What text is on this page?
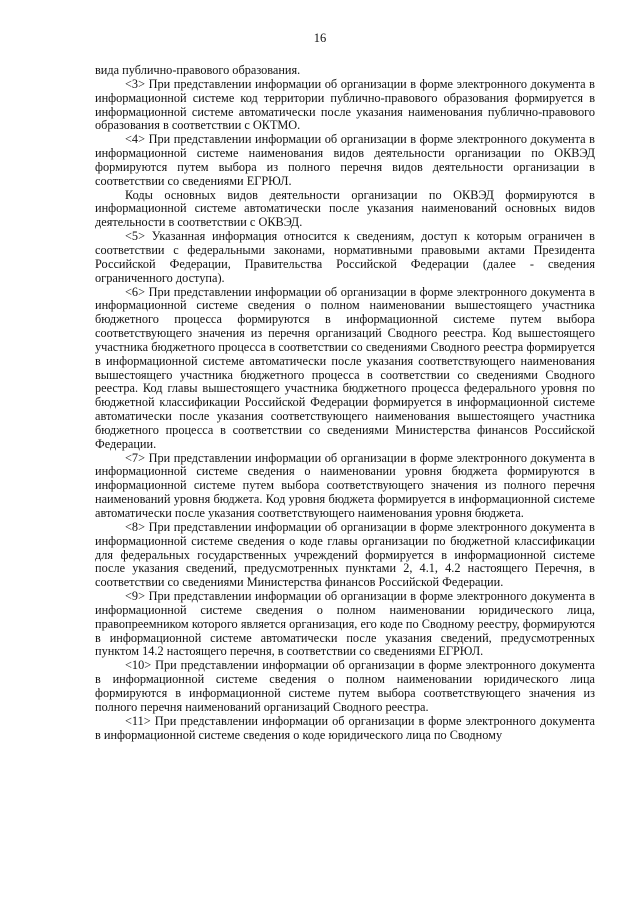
16

вида публично-правового образования.

<3> При представлении информации об организации в форме электронного документа в информационной системе код территории публично-правового образования формируется в информационной системе автоматически после указания наименования публично-правового образования в соответствии с ОКТМО.

<4> При представлении информации об организации в форме электронного документа в информационной системе наименования видов деятельности организации по ОКВЭД формируются путем выбора из полного перечня видов деятельности организации в соответствии со сведениями ЕГРЮЛ.

Коды основных видов деятельности организации по ОКВЭД формируются в информационной системе автоматически после указания наименований основных видов деятельности в соответствии с ОКВЭД.

<5> Указанная информация относится к сведениям, доступ к которым ограничен в соответствии с федеральными законами, нормативными правовыми актами Президента Российской Федерации, Правительства Российской Федерации (далее - сведения ограниченного доступа).

<6> При представлении информации об организации в форме электронного документа в информационной системе сведения о полном наименовании вышестоящего участника бюджетного процесса формируются в информационной системе путем выбора соответствующего значения из перечня организаций Сводного реестра. Код вышестоящего участника бюджетного процесса в соответствии со сведениями Сводного реестра формируется в информационной системе автоматически после указания соответствующего наименования вышестоящего участника бюджетного процесса в соответствии со сведениями Сводного реестра. Код главы вышестоящего участника бюджетного процесса федерального уровня по бюджетной классификации Российской Федерации формируется в информационной системе автоматически после указания соответствующего наименования вышестоящего участника бюджетного процесса в соответствии со сведениями Министерства финансов Российской Федерации.

<7> При представлении информации об организации в форме электронного документа в информационной системе сведения о наименовании уровня бюджета формируются в информационной системе путем выбора соответствующего значения из полного перечня наименований уровня бюджета. Код уровня бюджета формируется в информационной системе автоматически после указания соответствующего наименования уровня бюджета.

<8> При представлении информации об организации в форме электронного документа в информационной системе сведения о коде главы организации по бюджетной классификации для федеральных государственных учреждений формируется в информационной системе после указания сведений, предусмотренных пунктами 2, 4.1, 4.2 настоящего Перечня, в соответствии со сведениями Министерства финансов Российской Федерации.

<9> При представлении информации об организации в форме электронного документа в информационной системе сведения о полном наименовании юридического лица, правопреемником которого является организация, его коде по Сводному реестру, формируются в информационной системе автоматически после указания сведений, предусмотренных пунктом 14.2 настоящего перечня, в соответствии со сведениями ЕГРЮЛ.

<10> При представлении информации об организации в форме электронного документа в информационной системе сведения о полном наименовании юридического лица формируются в информационной системе путем выбора соответствующего значения из полного перечня наименований организаций Сводного реестра.

<11> При представлении информации об организации в форме электронного документа в информационной системе сведения о коде юридического лица по Сводному
